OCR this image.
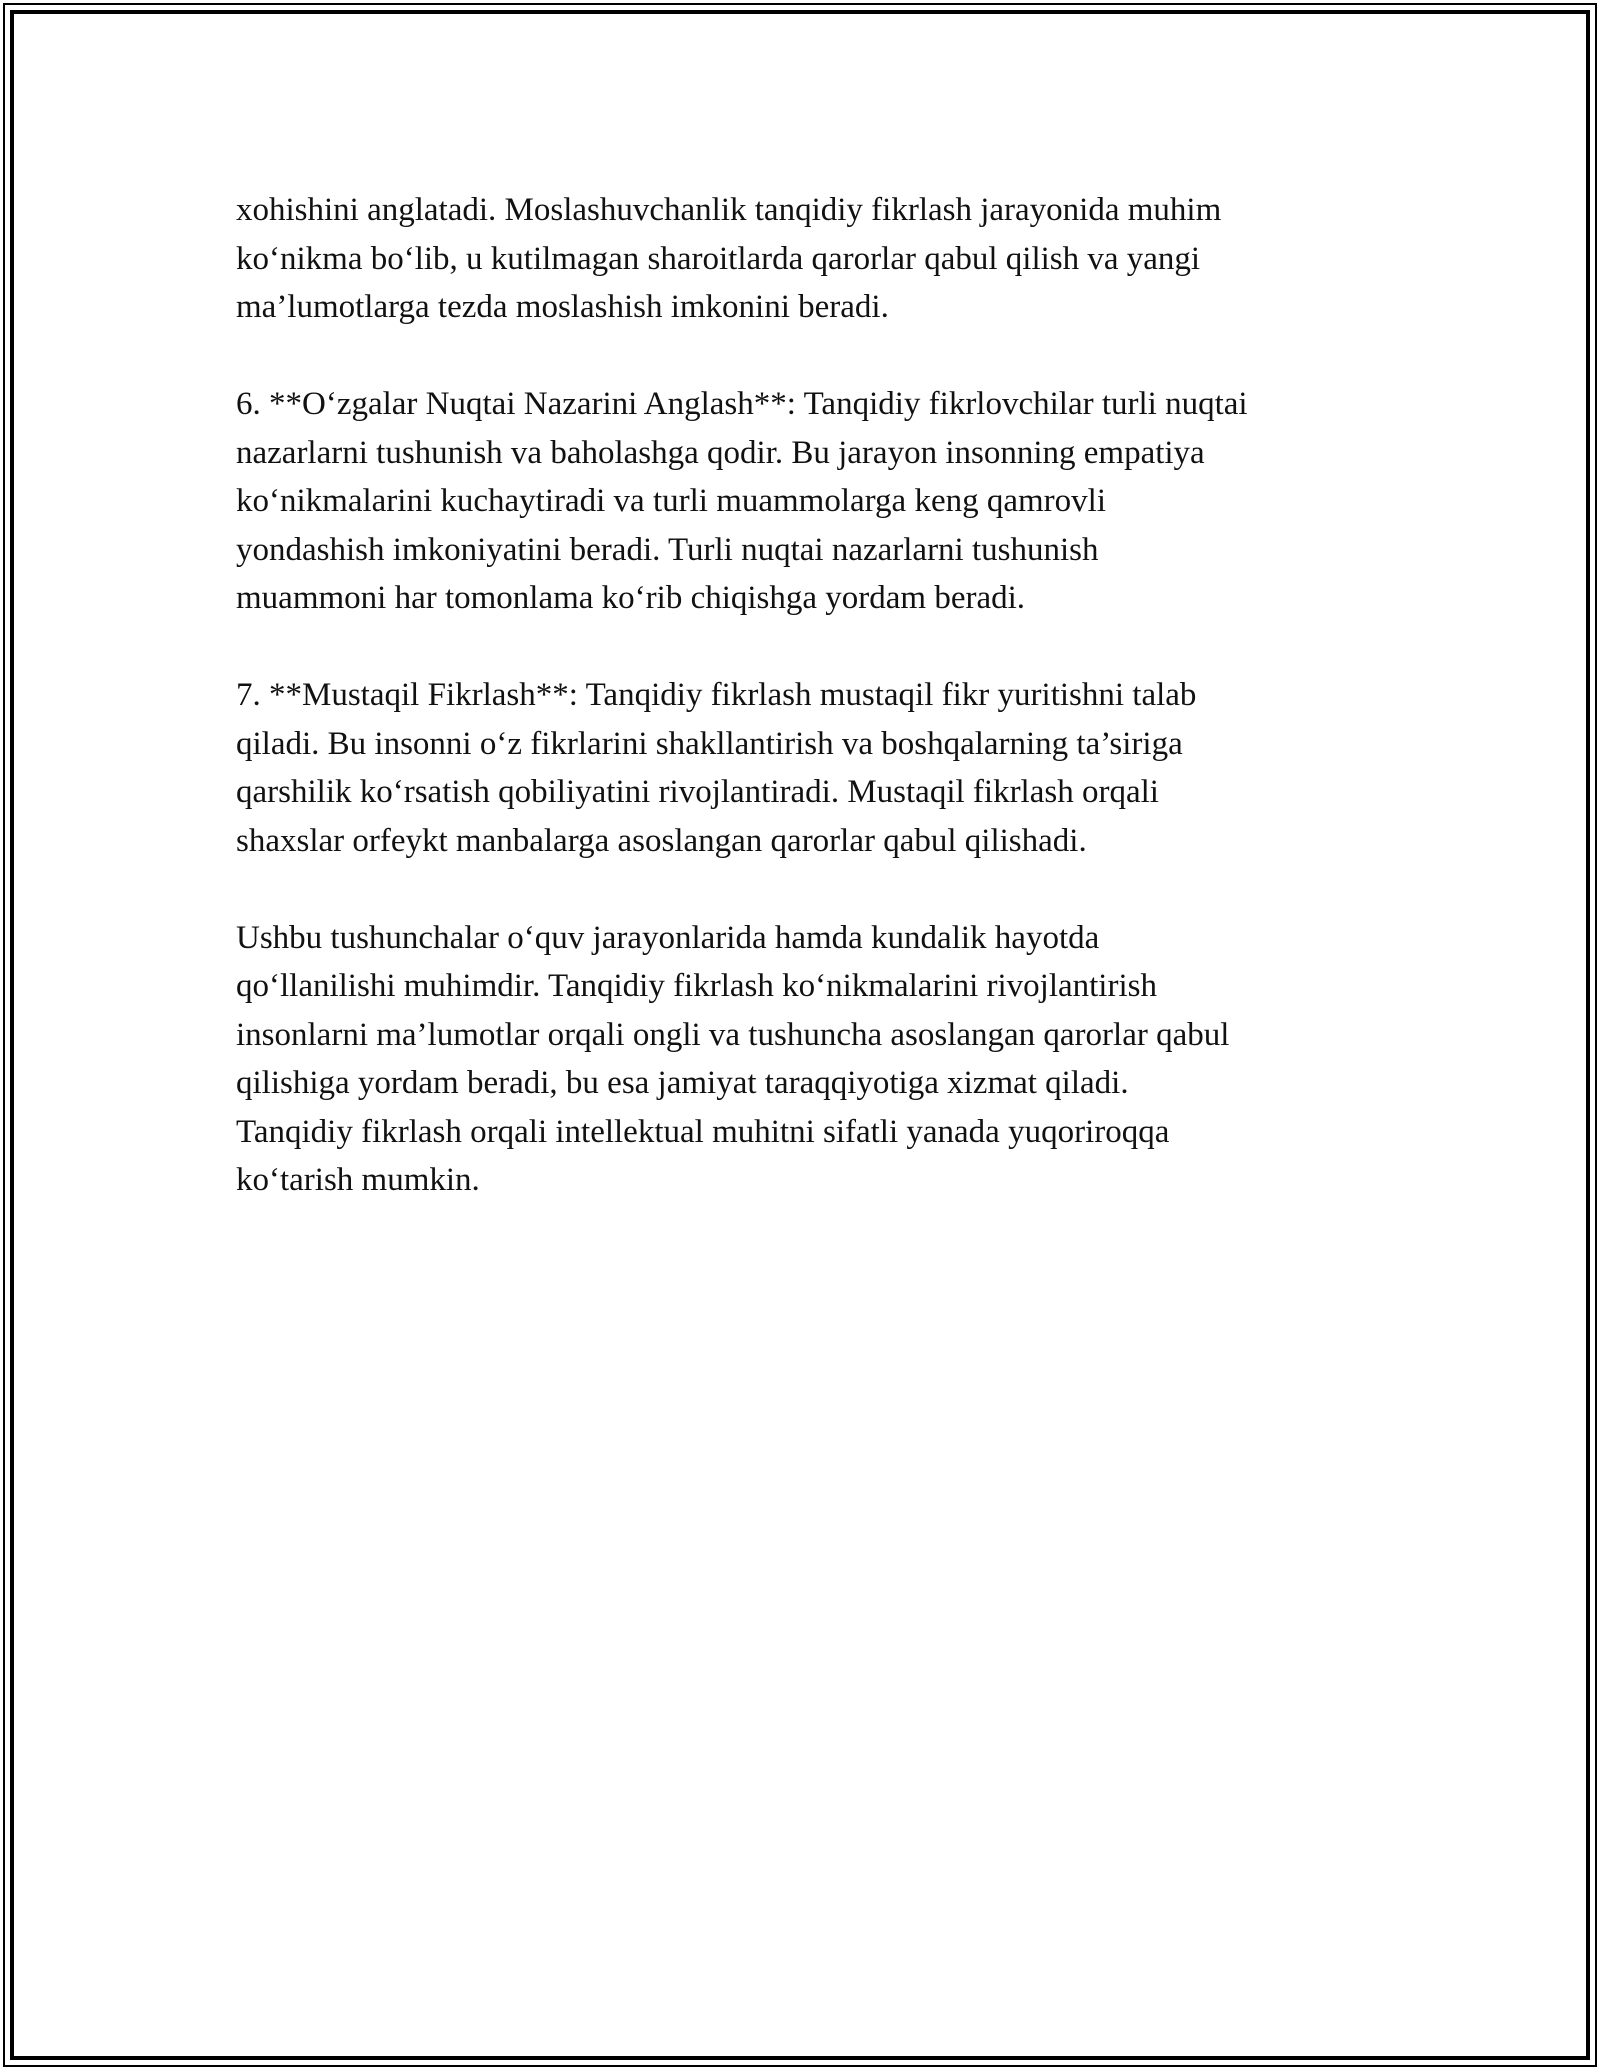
xohishini anglatadi. Moslashuvchanlik tanqidiy fikrlash jarayonida muhim
ko‘nikma bo‘lib, u kutilmagan sharoitlarda qarorlar qabul qilish va yangi
ma’lumotlarga tezda moslashish imkonini beradi.

6. **O‘zgalar Nuqtai Nazarini Anglash**: Tanqidiy fikrlovchilar turli nuqtai
nazarlarni tushunish va baholashga qodir. Bu jarayon insonning empatiya
ko‘nikmalarini kuchaytiradi va turli muammolarga keng qamrovli
yondashish imkoniyatini beradi. Turli nuqtai nazarlarni tushunish
muammoni har tomonlama ko‘rib chiqishga yordam beradi.

7. **Mustaqil Fikrlash**: Tanqidiy fikrlash mustaqil fikr yuritishni talab
qiladi. Bu insonni o‘z fikrlarini shakllantirish va boshqalarning ta’siriga
qarshilik ko‘rsatish qobiliyatini rivojlantiradi. Mustaqil fikrlash orqali
shaxslar orfeykt manbalarga asoslangan qarorlar qabul qilishadi.

Ushbu tushunchalar o‘quv jarayonlarida hamda kundalik hayotda
qo‘llanilishi muhimdir. Tanqidiy fikrlash ko‘nikmalarini rivojlantirish
insonlarni ma’lumotlar orqali ongli va tushuncha asoslangan qarorlar qabul
qilishiga yordam beradi, bu esa jamiyat taraqqiyotiga xizmat qiladi.
Tanqidiy fikrlash orqali intellektual muhitni sifatli yanada yuqoriroqqa
ko‘tarish mumkin.
